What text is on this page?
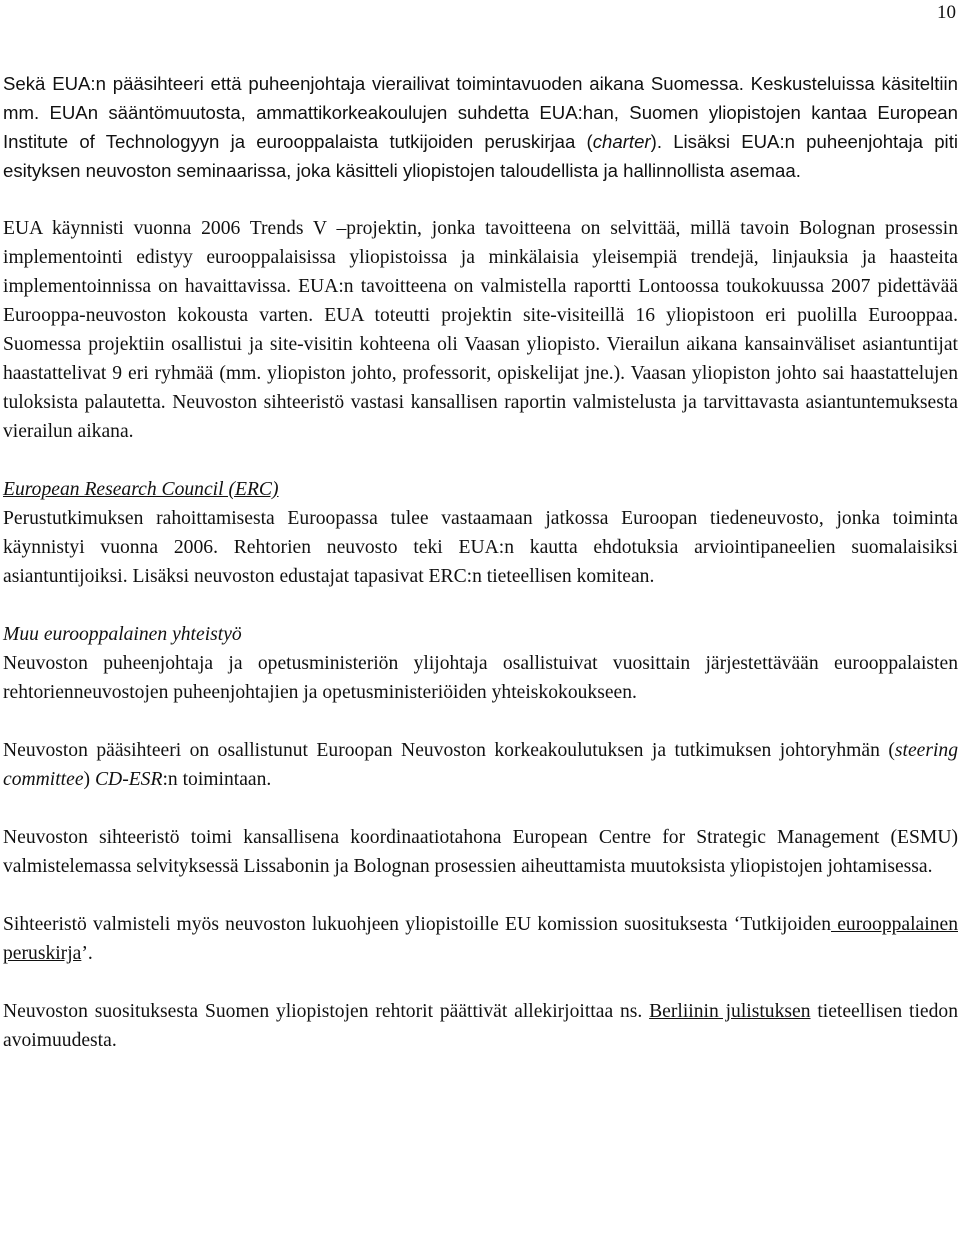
10

Sekä EUA:n pääsihteeri että puheenjohtaja vierailivat toimintavuoden aikana Suomessa. Keskusteluissa käsiteltiin mm. EUAn sääntömuutosta, ammattikorkeakoulujen suhdetta EUA:han, Suomen yliopistojen kantaa European Institute of Technologyyn ja eurooppalaista tutkijoiden peruskirjaa (charter). Lisäksi EUA:n puheenjohtaja piti esityksen neuvoston seminaarissa, joka käsitteli yliopistojen taloudellista ja hallinnollista asemaa.

EUA käynnisti vuonna 2006 Trends V –projektin, jonka tavoitteena on selvittää, millä tavoin Bolognan prosessin implementointi edistyy eurooppalaisissa yliopistoissa ja minkälaisia yleisempiä trendejä, linjauksia ja haasteita implementoinnissa on havaittavissa. EUA:n tavoitteena on valmistella raportti Lontoossa toukokuussa 2007 pidettävää Eurooppa-neuvoston kokousta varten. EUA toteutti projektin site-visiteillä 16 yliopistoon eri puolilla Eurooppaa. Suomessa projektiin osallistui ja site-visitin kohteena oli Vaasan yliopisto. Vierailun aikana kansainväliset asiantuntijat haastattelivat 9 eri ryhmää (mm. yliopiston johto, professorit, opiskelijat jne.). Vaasan yliopiston johto sai haastattelujen tuloksista palautetta. Neuvoston sihteeristö vastasi kansallisen raportin valmistelusta ja tarvittavasta asiantuntemuksesta vierailun aikana.

European Research Council (ERC)

Perustutkimuksen rahoittamisesta Euroopassa tulee vastaamaan jatkossa Euroopan tiedeneuvosto, jonka toiminta käynnistyi vuonna 2006. Rehtorien neuvosto teki EUA:n kautta ehdotuksia arviointipaneelien suomalaisiksi asiantuntijoiksi. Lisäksi neuvoston edustajat tapasivat ERC:n tieteellisen komitean.

Muu eurooppalainen yhteistyö

Neuvoston puheenjohtaja ja opetusministeriön ylijohtaja osallistuivat vuosittain järjestettävään eurooppalaisten rehtorienneuvostojen puheenjohtajien ja opetusministeriöiden yhteiskokoukseen.

Neuvoston pääsihteeri on osallistunut Euroopan Neuvoston korkeakoulutuksen ja tutkimuksen johtoryhmän (steering committee) CD-ESR:n toimintaan.

Neuvoston sihteeristö toimi kansallisena koordinaatiotahona European Centre for Strategic Management (ESMU) valmistelemassa selvityksessä Lissabonin ja Bolognan prosessien aiheuttamista muutoksista yliopistojen johtamisessa.

Sihteeristö valmisteli myös neuvoston lukuohjeen yliopistoille EU komission suosituksesta ‘Tutkijoiden eurooppalainen peruskirja’.

Neuvoston suosituksesta Suomen yliopistojen rehtorit päättivät allekirjoittaa ns. Berliinin julistuksen tieteellisen tiedon avoimuudesta.
